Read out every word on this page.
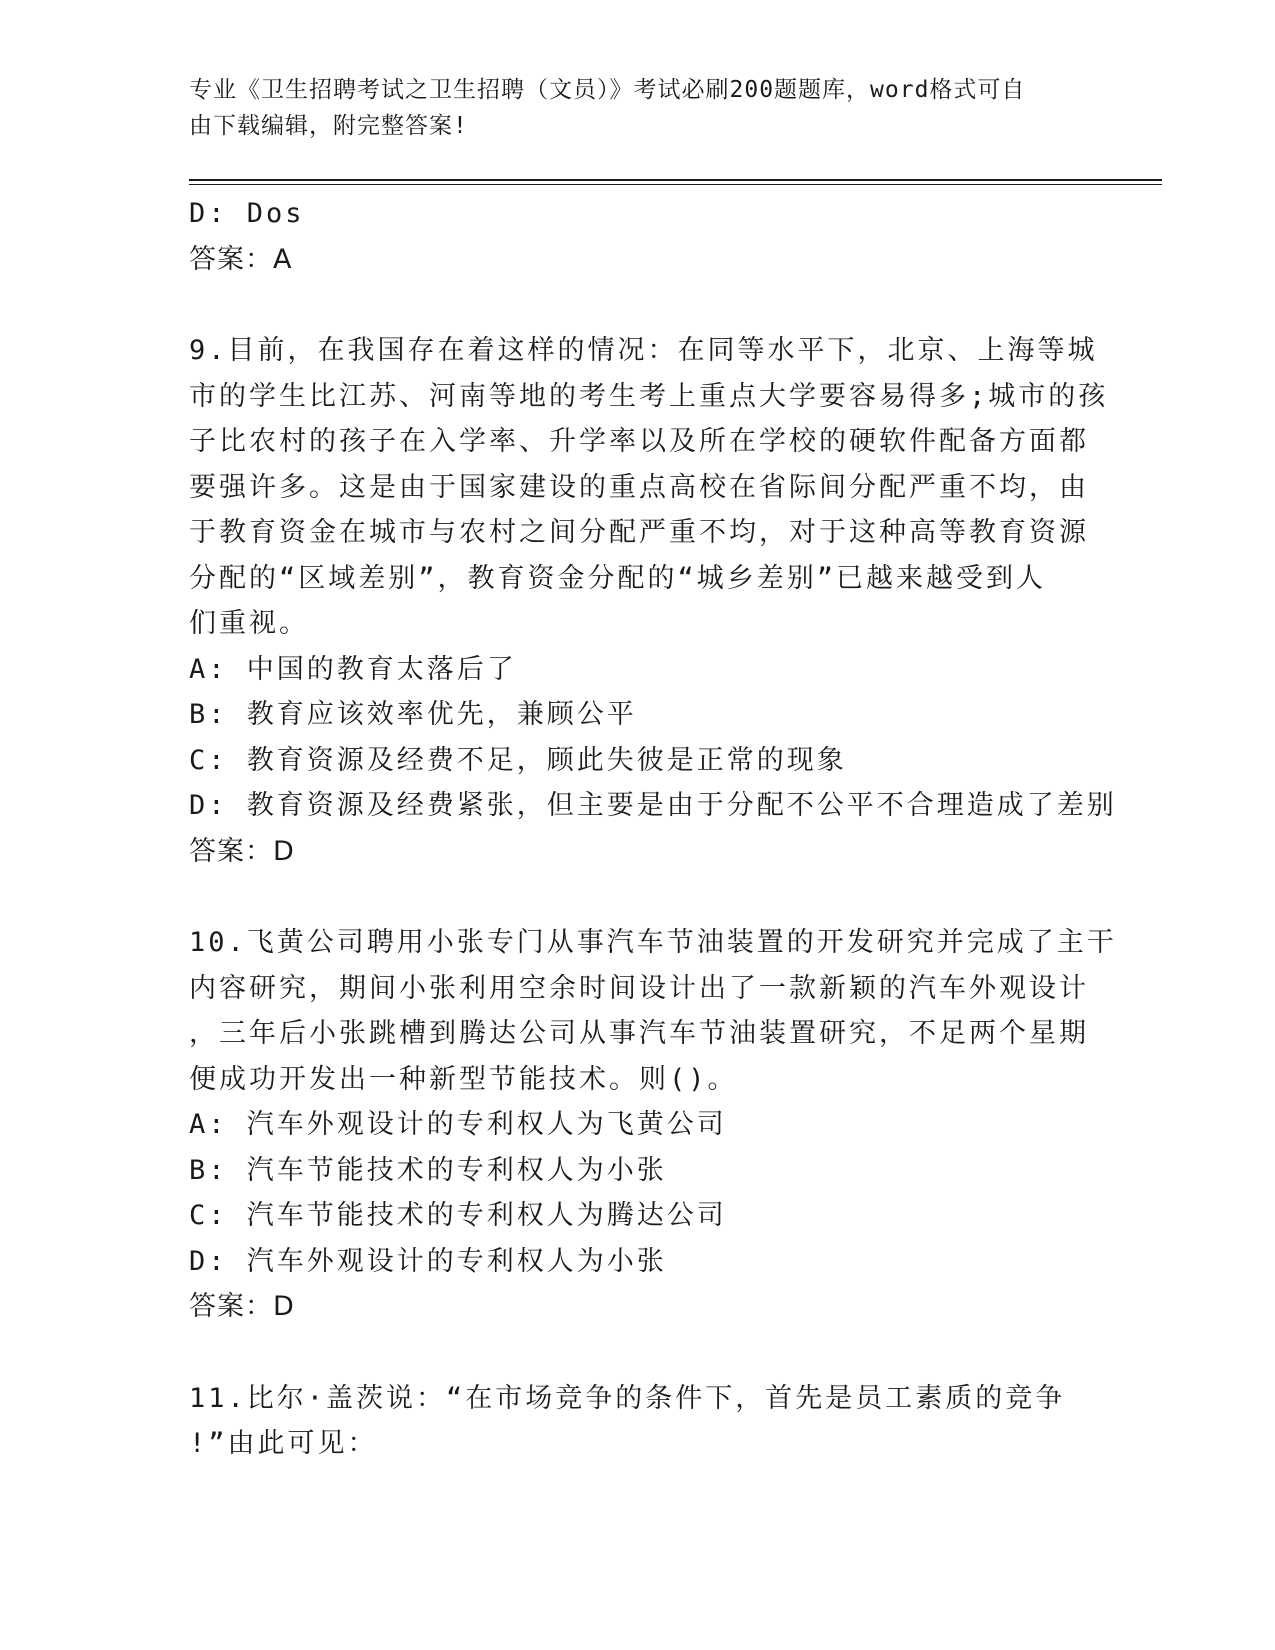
专业《卫生招聘考试之卫生招聘（文员）》考试必刷200题题库，word格式可自
由下载编辑，附完整答案!
D: Dos
答案：A
9.目前，在我国存在着这样的情况：在同等水平下，北京、上海等城
市的学生比江苏、河南等地的考生考上重点大学要容易得多;城市的孩
子比农村的孩子在入学率、升学率以及所在学校的硬软件配备方面都
要强许多。这是由于国家建设的重点高校在省际间分配严重不均，由
于教育资金在城市与农村之间分配严重不均，对于这种高等教育资源
分配的“区域差别”，教育资金分配的“城乡差别”已越来越受到人
们重视。
A: 中国的教育太落后了
B: 教育应该效率优先，兼顾公平
C: 教育资源及经费不足，顾此失彼是正常的现象
D: 教育资源及经费紧张，但主要是由于分配不公平不合理造成了差别
答案：D
10.飞黄公司聘用小张专门从事汽车节油装置的开发研究并完成了主干
内容研究，期间小张利用空余时间设计出了一款新颖的汽车外观设计
，三年后小张跳槽到腾达公司从事汽车节油装置研究，不足两个星期
便成功开发出一种新型节能技术。则()。
A: 汽车外观设计的专利权人为飞黄公司
B: 汽车节能技术的专利权人为小张
C: 汽车节能技术的专利权人为腾达公司
D: 汽车外观设计的专利权人为小张
答案：D
11.比尔·盖茨说：“在市场竞争的条件下，首先是员工素质的竞争
!”由此可见：
